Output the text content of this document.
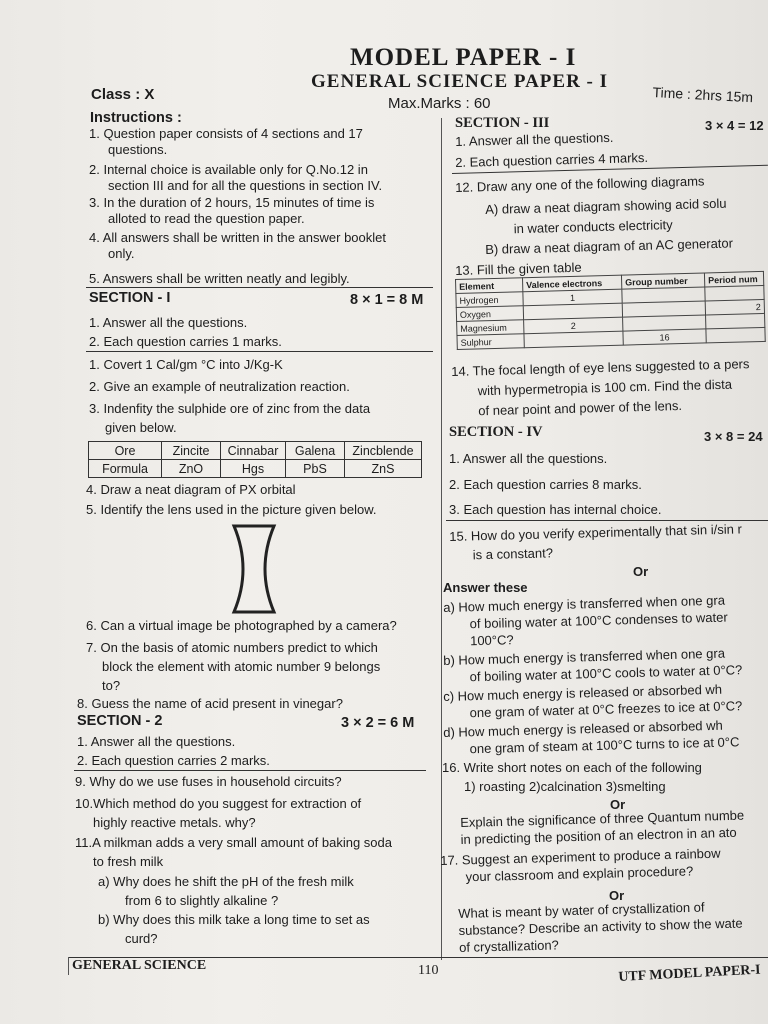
MODEL PAPER - I
GENERAL SCIENCE PAPER - I
Class : X
Max.Marks : 60	Time : 2hrs 15m
Instructions :
1. Question paper consists of 4 sections and 17
questions.
2. Internal choice is available only for Q.No.12 in
section III and for all the questions in section IV.
3. In the duration of 2 hours, 15 minutes of time is
alloted to read the question paper.
4. All answers shall be written in the answer booklet
only.
5. Answers shall be written neatly and legibly.
SECTION - I	8 × 1 = 8 M
1. Answer all the questions.
2. Each question carries 1 marks.
1. Covert 1 Cal/gm °C into J/Kg-K
2. Give an example of neutralization reaction.
3. Indenfity the sulphide ore of zinc from the data
given below.
Ore	Zincite	Cinnabar	Galena	Zincblende
Formula	ZnO	Hgs	PbS	ZnS
4. Draw a neat diagram of PX orbital
5. Identify the lens used in the picture given below.
6. Can a virtual image be photographed by a camera?
7. On the basis of atomic numbers predict to which
block the element with atomic number 9 belongs
to?
8. Guess the name of acid present in vinegar?
SECTION - 2	3 × 2 = 6 M
1. Answer all the questions.
2. Each question carries 2 marks.
9. Why do we use fuses in household circuits?
10.Which method do you suggest for extraction of
highly reactive metals. why?
11.A milkman adds a very small amount of baking soda
to fresh milk
a) Why does he shift the pH of the fresh milk
from 6 to slightly alkaline ?
b) Why does this milk take a long time to set as
curd?
SECTION - III	3 × 4 = 12
1. Answer all the questions.
2. Each question carries 4 marks.
12. Draw any one of the following diagrams
A) draw a neat diagram showing acid solu
in water conducts electricity
B) draw a neat diagram of an AC generator
13. Fill the given table
Element	Valence electrons	Group number	Period num
Hydrogen	1		
Oxygen			2
Magnesium	2		
Sulphur		16	
14. The focal length of eye lens suggested to a pers
with hypermetropia is 100 cm. Find the dista
of near point and power of the lens.
SECTION - IV	3 × 8 = 24
1. Answer all the questions.
2. Each question carries 8 marks.
3. Each question has internal choice.
15. How do you verify experimentally that sin i/sin r
is a constant?
Or
Answer these
a) How much energy is transferred when one gra
of boiling water at 100°C condenses to water
100°C?
b) How much energy is transferred when one gra
of boiling water at 100°C cools to water at 0°C?
c) How much energy is released or absorbed wh
one gram of water at 0°C freezes to ice at 0°C?
d) How much energy is released or absorbed wh
one gram of steam at 100°C turns to ice at 0°C
16. Write short notes on each of the following
1) roasting 2)calcination 3)smelting
Or
Explain the significance of three Quantum numbe
in predicting the position of an electron in an ato
17. Suggest an experiment to produce a rainbow
your classroom and explain procedure?
Or
What is meant by water of crystallization of
substance? Describe an activity to show the wate
of crystallization?
GENERAL SCIENCE	110	UTF MODEL PAPER-I
